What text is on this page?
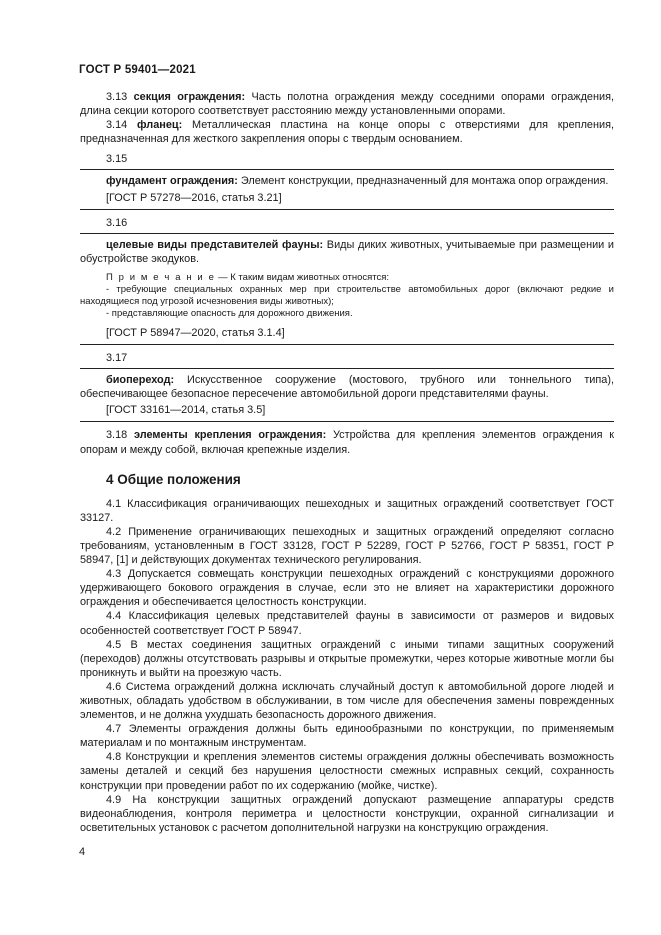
ГОСТ Р 59401—2021

3.13 секция ограждения: Часть полотна ограждения между соседними опорами ограждения, длина секции которого соответствует расстоянию между установленными опорами.

3.14 фланец: Металлическая пластина на конце опоры с отверстиями для крепления, предназначенная для жесткого закрепления опоры с твердым основанием.

3.15

фундамент ограждения: Элемент конструкции, предназначенный для монтажа опор ограждения.

[ГОСТ Р 57278—2016, статья 3.21]

3.16

целевые виды представителей фауны: Виды диких животных, учитываемые при размещении и обустройстве экодуков.

П р и м е ч а н и е — К таким видам животных относятся:

- требующие специальных охранных мер при строительстве автомобильных дорог (включают редкие и находящиеся под угрозой исчезновения виды животных);

- представляющие опасность для дорожного движения.

[ГОСТ Р 58947—2020, статья 3.1.4]

3.17

биопереход: Искусственное сооружение (мостового, трубного или тоннельного типа), обеспечивающее безопасное пересечение автомобильной дороги представителями фауны.

[ГОСТ 33161—2014, статья 3.5]

3.18 элементы крепления ограждения: Устройства для крепления элементов ограждения к опорам и между собой, включая крепежные изделия.

4 Общие положения

4.1 Классификация ограничивающих пешеходных и защитных ограждений соответствует ГОСТ 33127.

4.2 Применение ограничивающих пешеходных и защитных ограждений определяют согласно требованиям, установленным в ГОСТ 33128, ГОСТ Р 52289, ГОСТ Р 52766, ГОСТ Р 58351, ГОСТ Р 58947, [1] и действующих документах технического регулирования.

4.3 Допускается совмещать конструкции пешеходных ограждений с конструкциями дорожного удерживающего бокового ограждения в случае, если это не влияет на характеристики дорожного ограждения и обеспечивается целостность конструкции.

4.4 Классификация целевых представителей фауны в зависимости от размеров и видовых особенностей соответствует ГОСТ Р 58947.

4.5 В местах соединения защитных ограждений с иными типами защитных сооружений (переходов) должны отсутствовать разрывы и открытые промежутки, через которые животные могли бы проникнуть и выйти на проезжую часть.

4.6 Система ограждений должна исключать случайный доступ к автомобильной дороге людей и животных, обладать удобством в обслуживании, в том числе для обеспечения замены поврежденных элементов, и не должна ухудшать безопасность дорожного движения.

4.7 Элементы ограждения должны быть единообразными по конструкции, по применяемым материалам и по монтажным инструментам.

4.8 Конструкции и крепления элементов системы ограждения должны обеспечивать возможность замены деталей и секций без нарушения целостности смежных исправных секций, сохранность конструкции при проведении работ по их содержанию (мойке, чистке).

4.9 На конструкции защитных ограждений допускают размещение аппаратуры средств видеонаблюдения, контроля периметра и целостности конструкции, охранной сигнализации и осветительных установок с расчетом дополнительной нагрузки на конструкцию ограждения.

4
